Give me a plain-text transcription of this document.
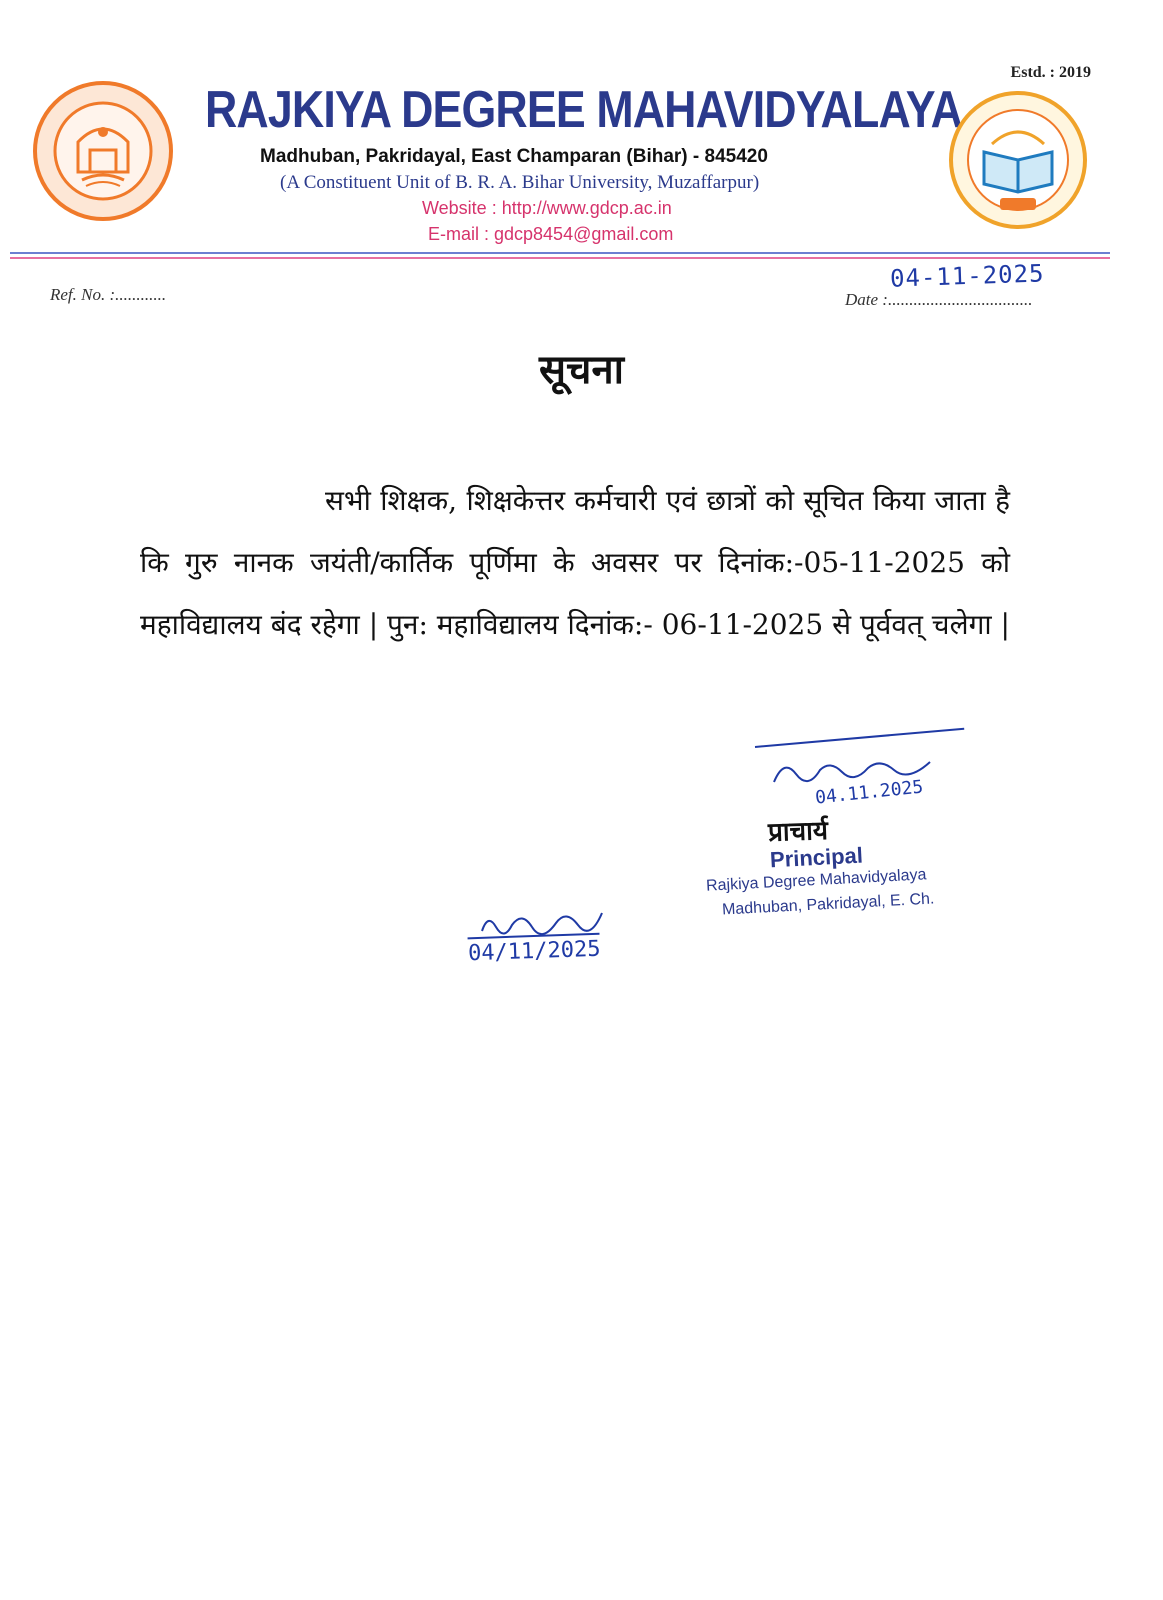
Estd. : 2019
RAJKIYA DEGREE MAHAVIDYALAYA
Madhuban, Pakridayal, East Champaran (Bihar) - 845420
(A Constituent Unit of B. R. A. Bihar University, Muzaffarpur)
Website : http://www.gdcp.ac.in
E-mail : gdcp8454@gmail.com
Ref. No. :............
04-11-2025
Date :..................................
सूचना
सभी शिक्षक, शिक्षकेत्तर कर्मचारी एवं छात्रों को सूचित किया जाता है कि गुरु नानक जयंती/कार्तिक पूर्णिमा के अवसर पर दिनांक:-05-11-2025 को महाविद्यालय बंद रहेगा | पुन: महाविद्यालय दिनांक:- 06-11-2025 से पूर्ववत् चलेगा |
04.11.2025
प्राचार्य
Principal
Rajkiya Degree Mahavidyalaya
Madhuban, Pakridayal, E. Ch.
04/11/2025
